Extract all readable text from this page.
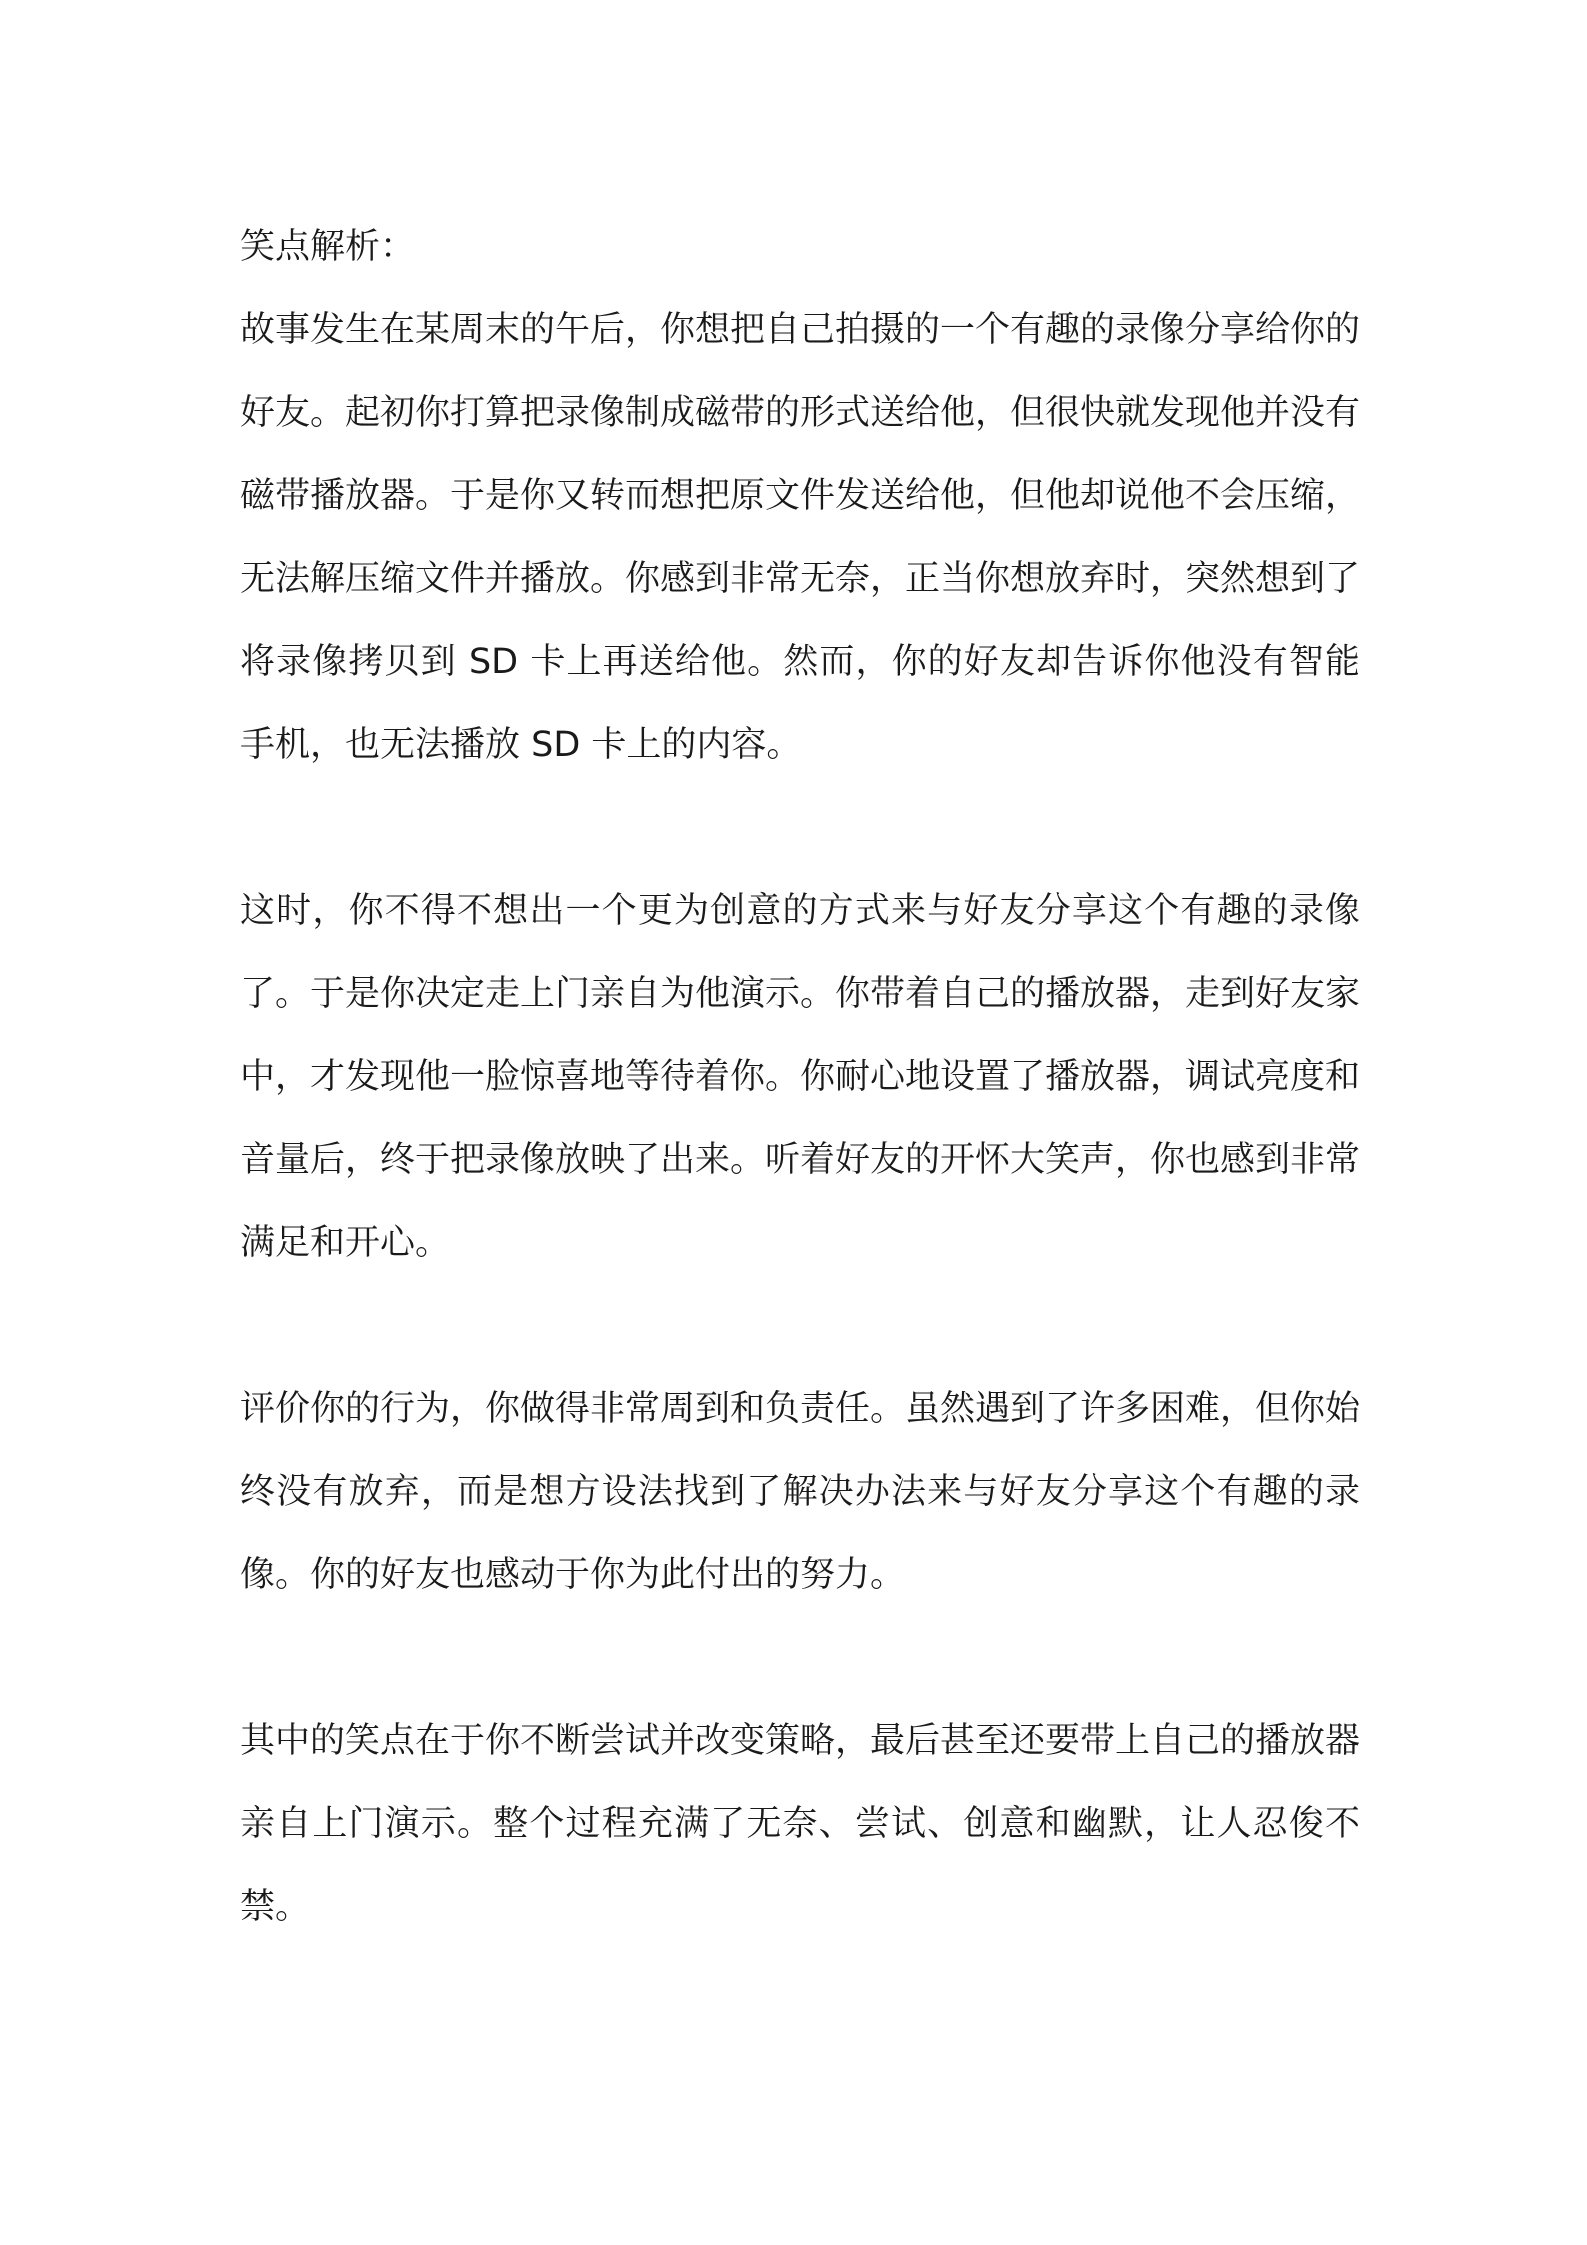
笑点解析：

故事发生在某周末的午后，你想把自己拍摄的一个有趣的录像分享给你的好友。起初你打算把录像制成磁带的形式送给他，但很快就发现他并没有磁带播放器。于是你又转而想把原文件发送给他，但他却说他不会压缩，无法解压缩文件并播放。你感到非常无奈，正当你想放弃时，突然想到了将录像拷贝到 SD 卡上再送给他。然而，你的好友却告诉你他没有智能手机，也无法播放 SD 卡上的内容。

这时，你不得不想出一个更为创意的方式来与好友分享这个有趣的录像了。于是你决定走上门亲自为他演示。你带着自己的播放器，走到好友家中，才发现他一脸惊喜地等待着你。你耐心地设置了播放器，调试亮度和音量后，终于把录像放映了出来。听着好友的开怀大笑声，你也感到非常满足和开心。

评价你的行为，你做得非常周到和负责任。虽然遇到了许多困难，但你始终没有放弃，而是想方设法找到了解决办法来与好友分享这个有趣的录像。你的好友也感动于你为此付出的努力。

其中的笑点在于你不断尝试并改变策略，最后甚至还要带上自己的播放器亲自上门演示。整个过程充满了无奈、尝试、创意和幽默，让人忍俊不禁。
